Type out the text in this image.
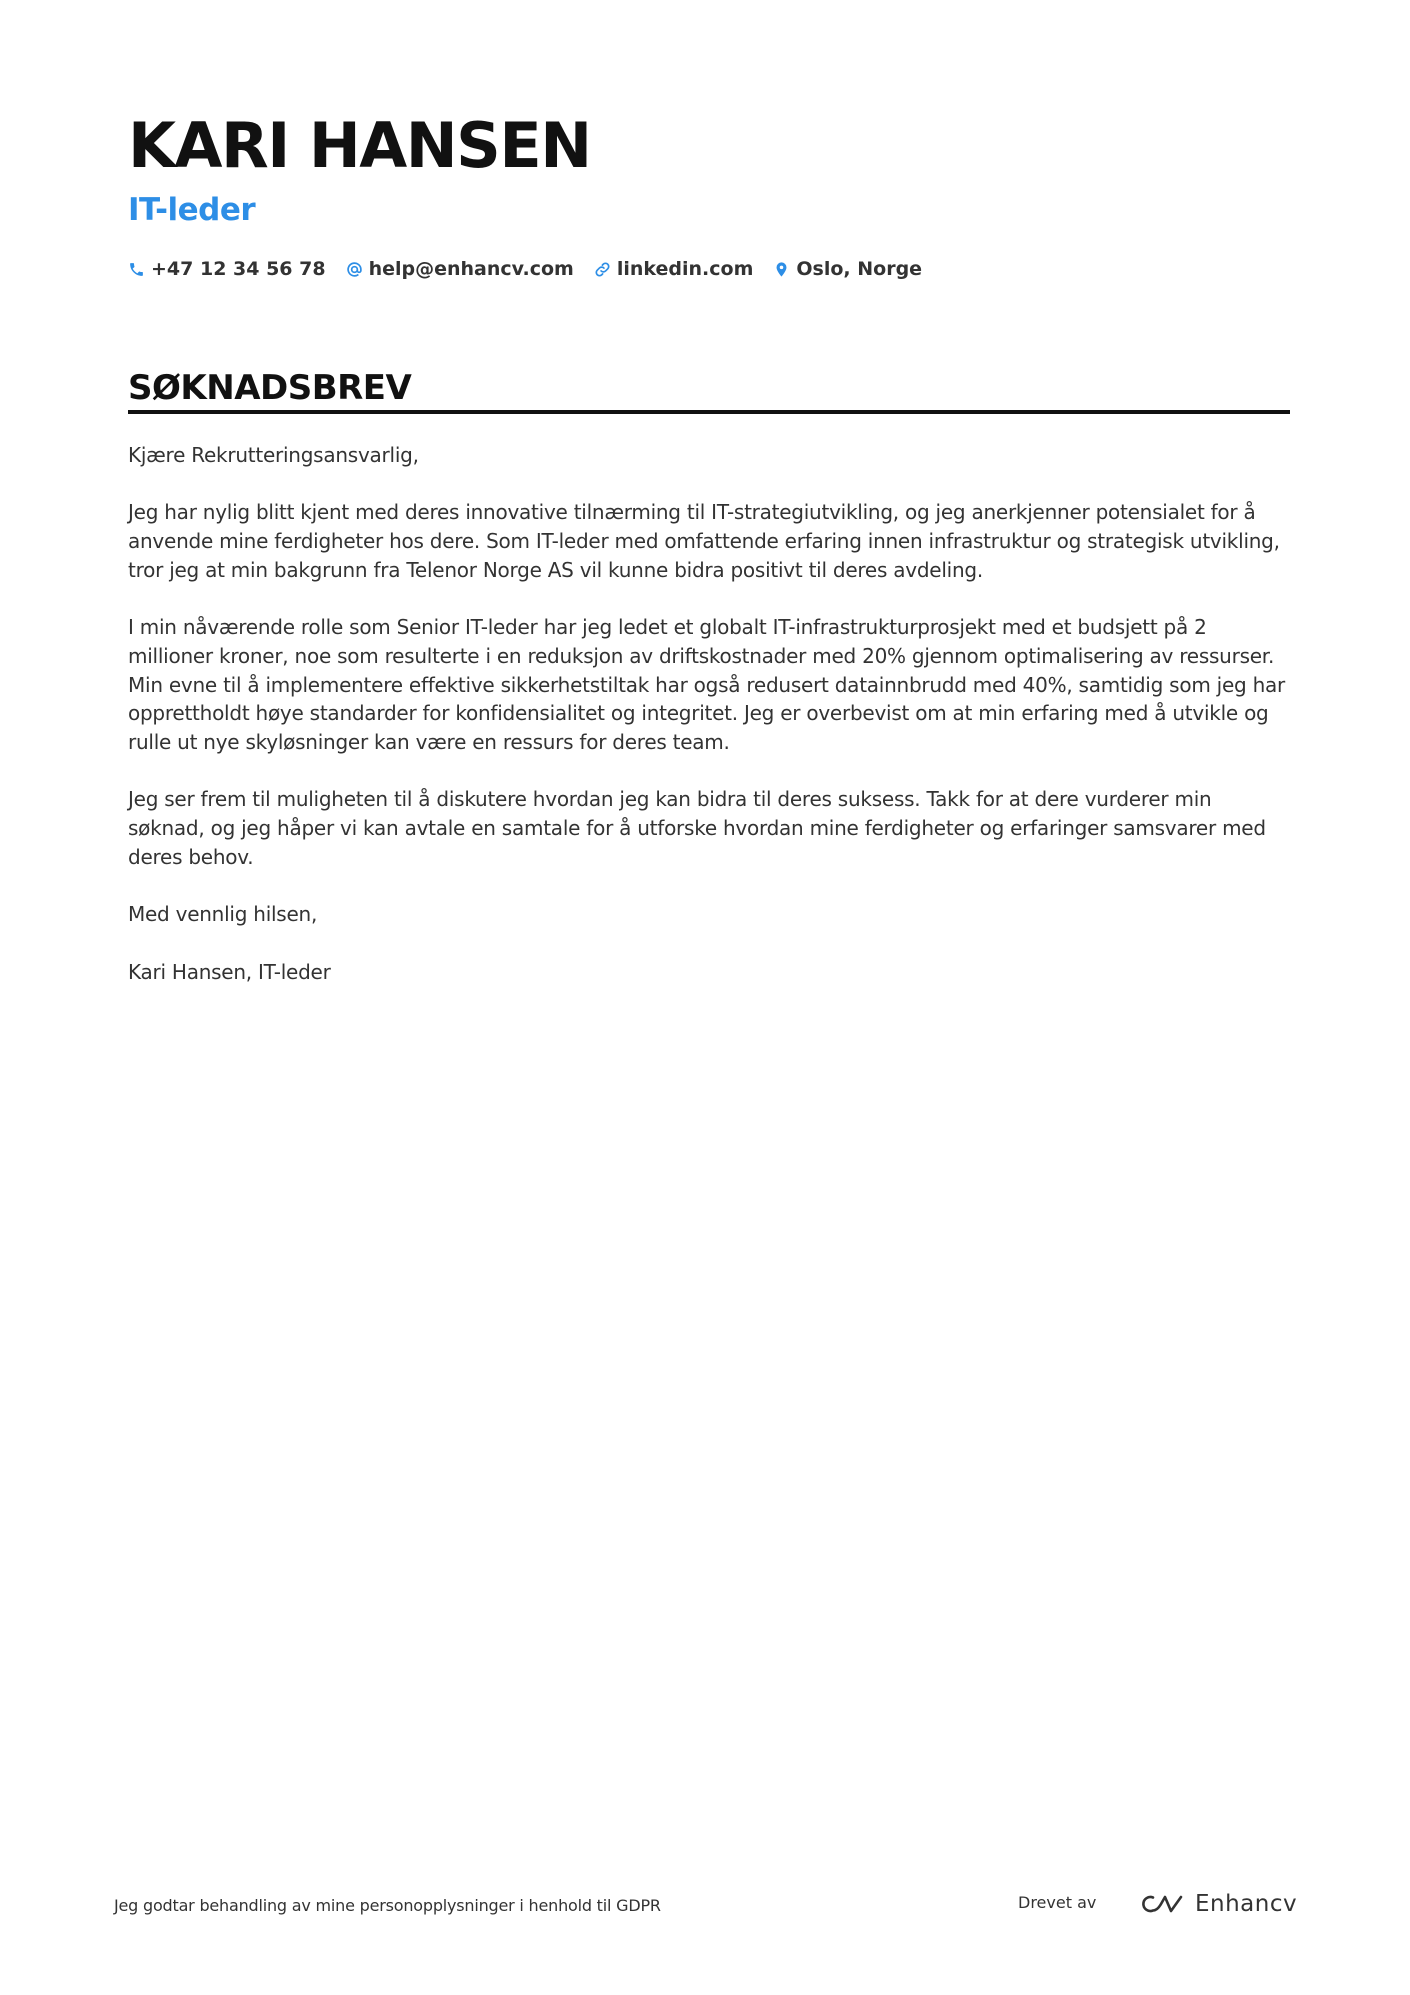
KARI HANSEN
IT-leder
+47 12 34 56 78 help@enhancv.com linkedin.com Oslo, Norge
SØKNADSBREV

Kjære Rekrutteringsansvarlig,

Jeg har nylig blitt kjent med deres innovative tilnærming til IT-strategiutvikling, og jeg anerkjenner potensialet for å anvende mine ferdigheter hos dere. Som IT-leder med omfattende erfaring innen infrastruktur og strategisk utvikling, tror jeg at min bakgrunn fra Telenor Norge AS vil kunne bidra positivt til deres avdeling.

I min nåværende rolle som Senior IT-leder har jeg ledet et globalt IT-infrastrukturprosjekt med et budsjett på 2 millioner kroner, noe som resulterte i en reduksjon av driftskostnader med 20% gjennom optimalisering av ressurser. Min evne til å implementere effektive sikkerhetstiltak har også redusert datainnbrudd med 40%, samtidig som jeg har opprettholdt høye standarder for konfidensialitet og integritet. Jeg er overbevist om at min erfaring med å utvikle og rulle ut nye skyløsninger kan være en ressurs for deres team.

Jeg ser frem til muligheten til å diskutere hvordan jeg kan bidra til deres suksess. Takk for at dere vurderer min søknad, og jeg håper vi kan avtale en samtale for å utforske hvordan mine ferdigheter og erfaringer samsvarer med deres behov.

Med vennlig hilsen,

Kari Hansen, IT-leder

Jeg godtar behandling av mine personopplysninger i henhold til GDPR	Drevet av	Enhancv
